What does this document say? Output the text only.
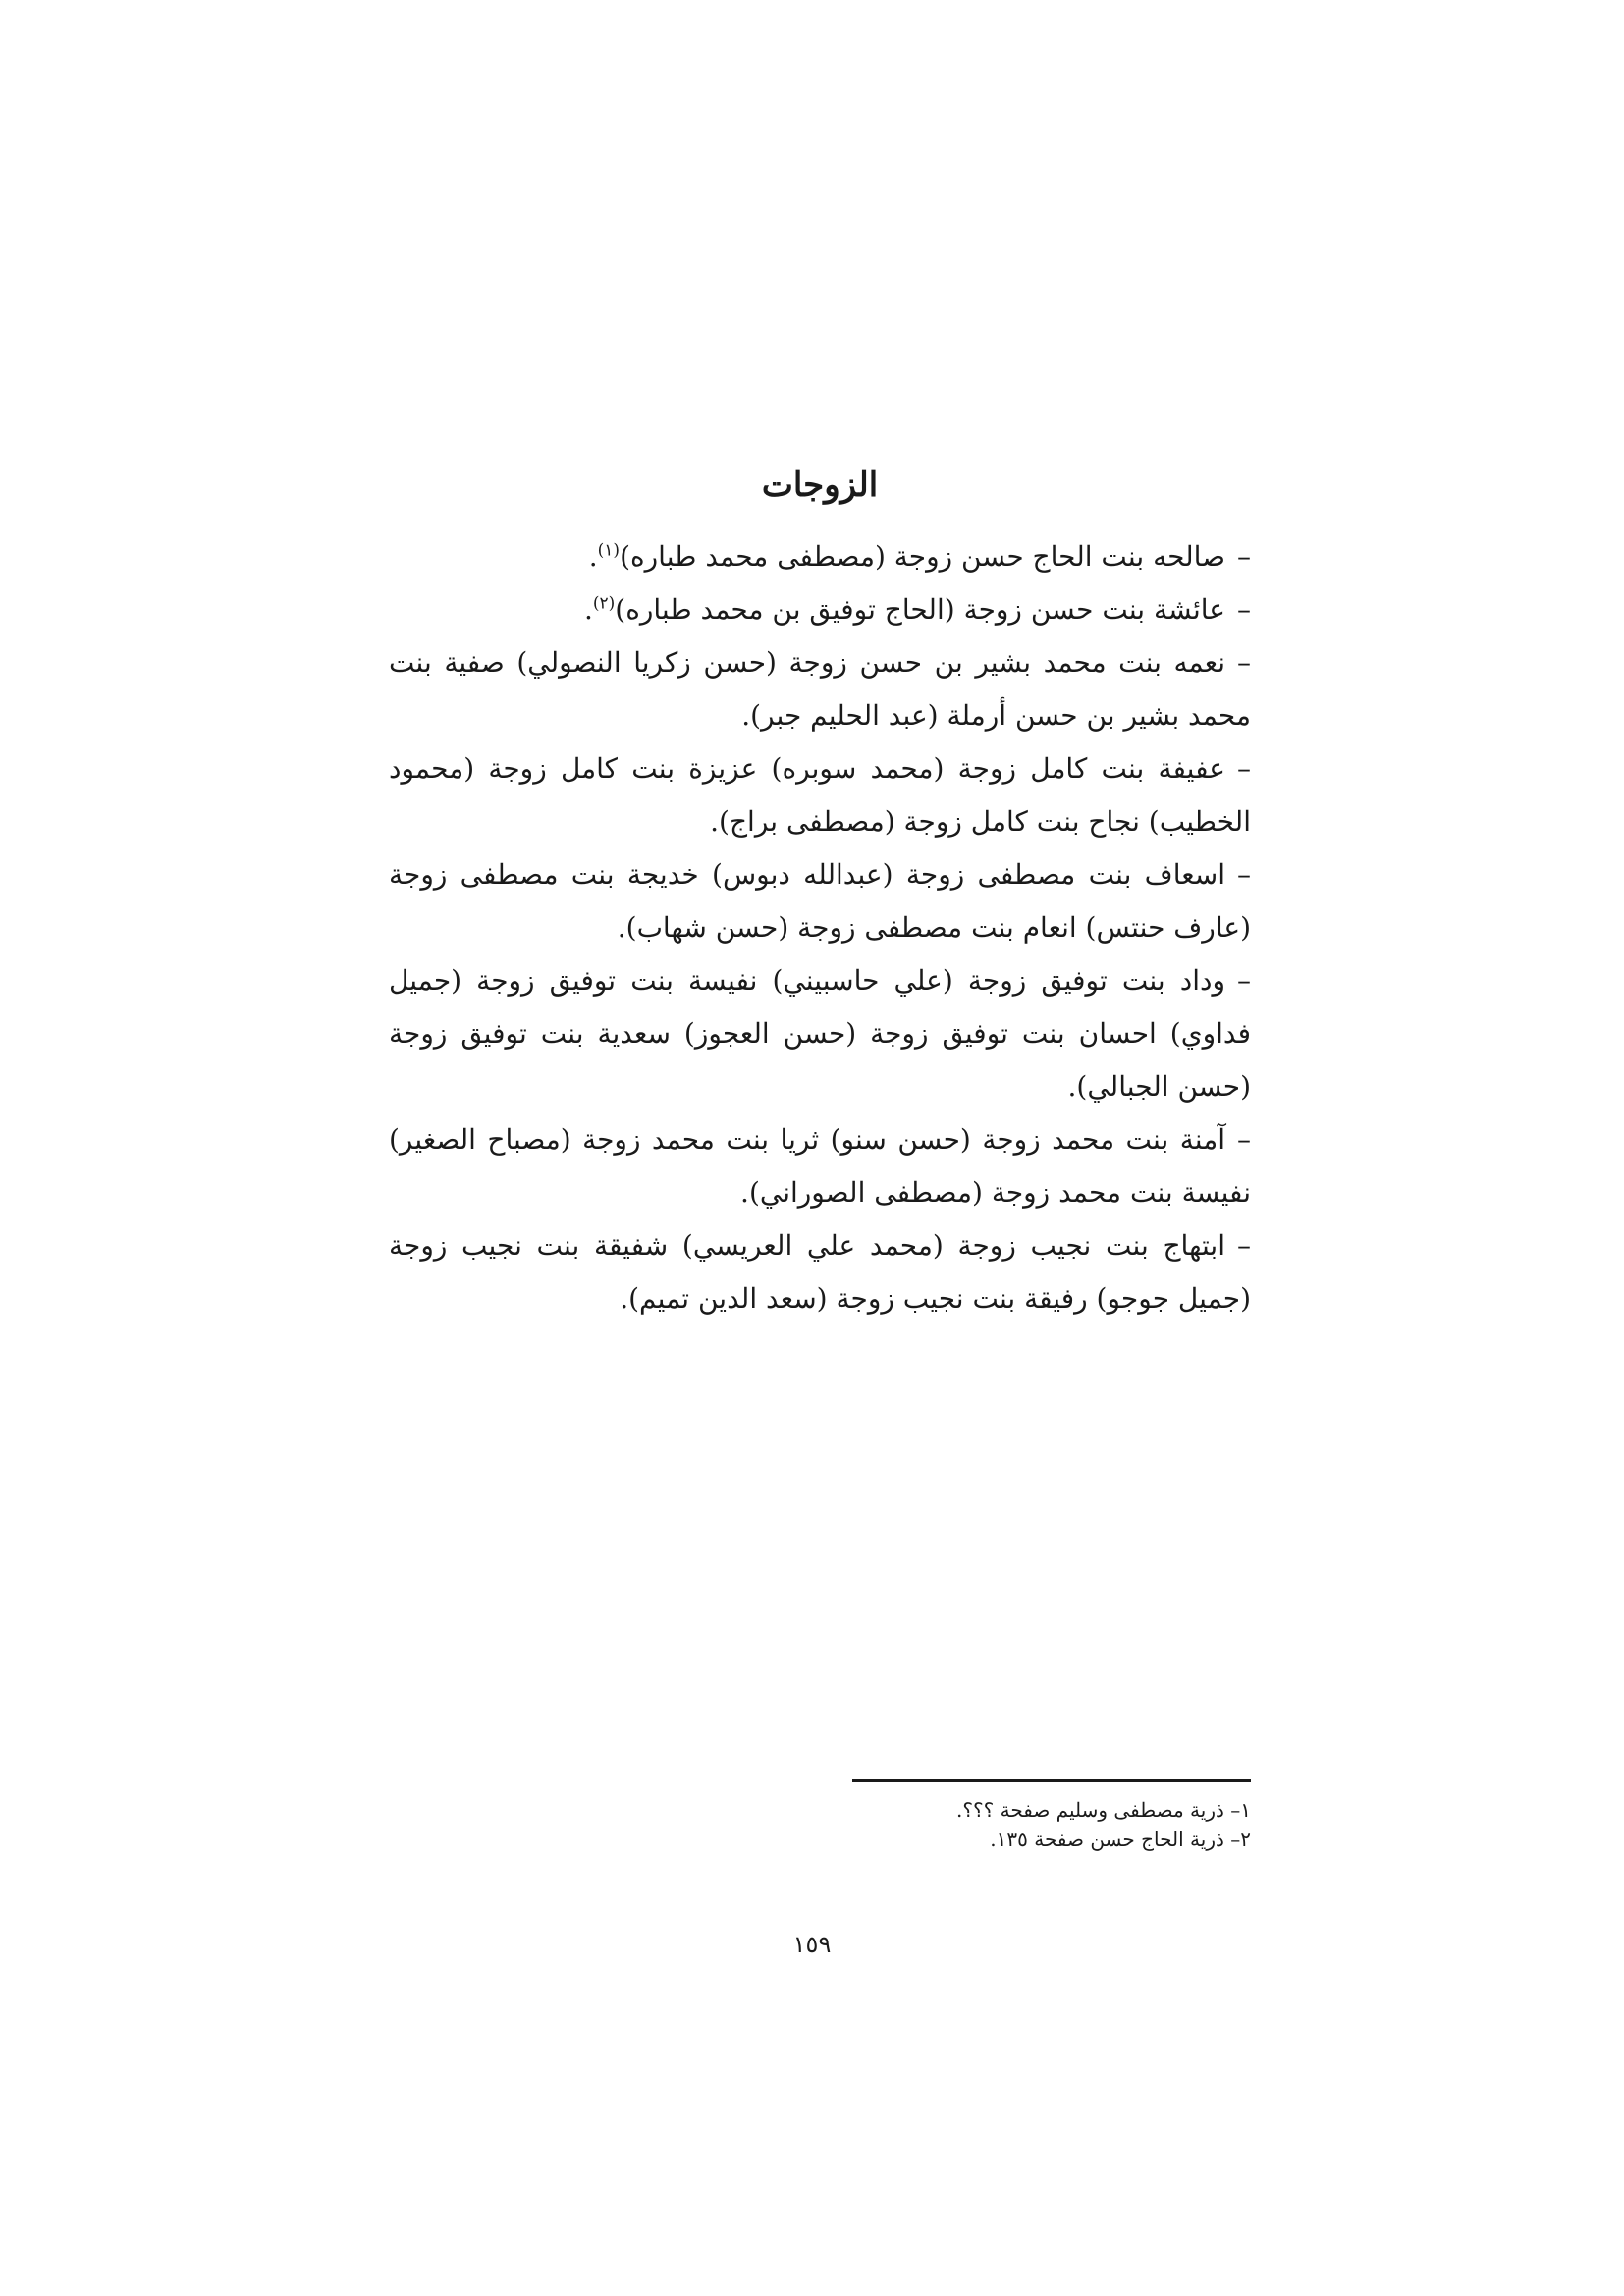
الزوجات

–صالحه بنت الحاج حسن زوجة (مصطفى محمد طباره)$^{(١)}$.

–عائشة بنت حسن زوجة (الحاج توفيق بن محمد طباره)$^{(٢)}$.

–نعمه بنت محمد بشير بن حسن زوجة (حسن زكريا النصولي) صفية بنت محمد بشير بن حسن أرملة (عبد الحليم جبر).

–عفيفة بنت كامل زوجة (محمد سوبره) عزيزة بنت كامل زوجة (محمود الخطيب) نجاح بنت كامل زوجة (مصطفى براج).

–اسعاف بنت مصطفى زوجة (عبدالله دبوس) خديجة بنت مصطفى زوجة (عارف حنتس) انعام بنت مصطفى زوجة (حسن شهاب).

–وداد بنت توفيق زوجة (علي حاسبيني) نفيسة بنت توفيق زوجة (جميل فداوي) احسان بنت توفيق زوجة (حسن العجوز) سعدية بنت توفيق زوجة (حسن الجبالي).

–آمنة بنت محمد زوجة (حسن سنو) ثريا بنت محمد زوجة (مصباح الصغير) نفيسة بنت محمد زوجة (مصطفى الصوراني).

–ابتهاج بنت نجيب زوجة (محمد علي العريسي) شفيقة بنت نجيب زوجة (جميل جوجو) رفيقة بنت نجيب زوجة (سعد الدين تميم).

١– ذرية مصطفى وسليم صفحة ؟؟؟.

٢– ذرية الحاج حسن صفحة ١٣٥.

١٥٩
